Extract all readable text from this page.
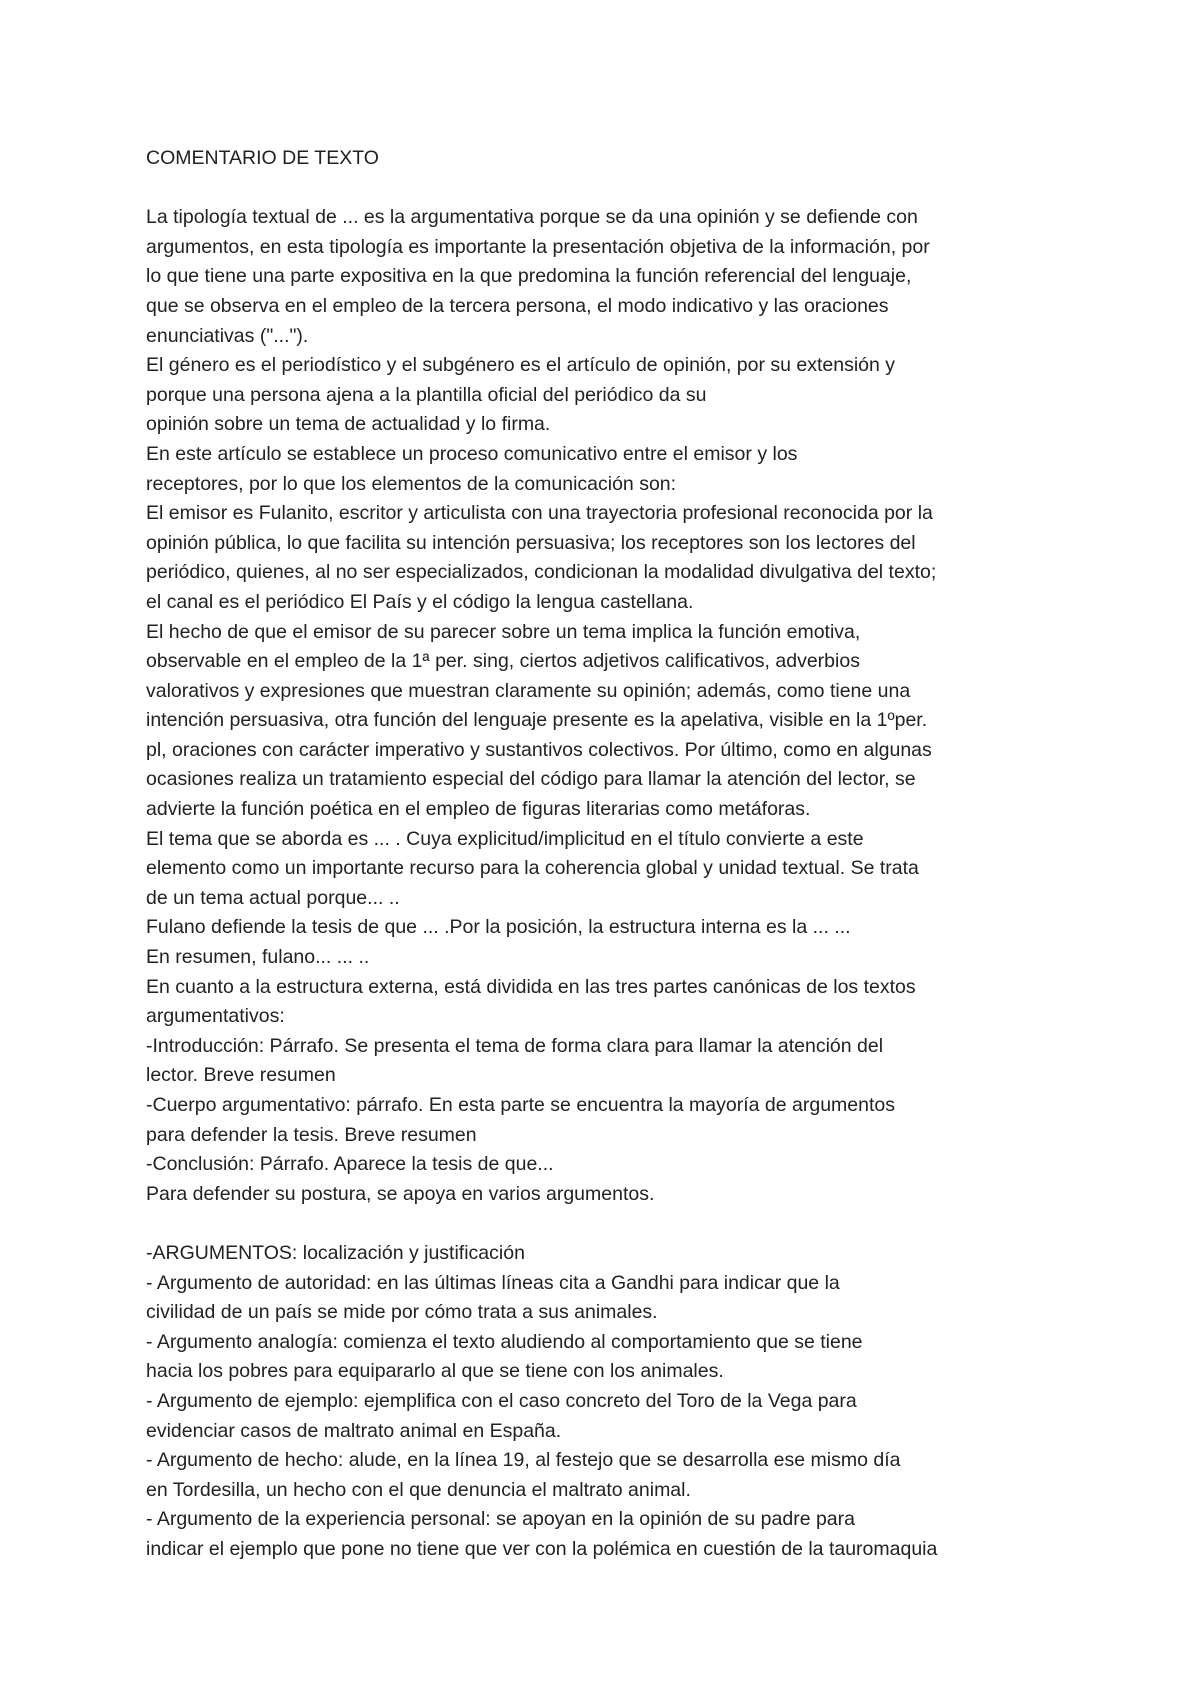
COMENTARIO DE TEXTO
La tipología textual de ... es la argumentativa porque se da una opinión y se defiende con
argumentos, en esta tipología es importante la presentación objetiva de la información, por
lo que tiene una parte expositiva en la que predomina la función referencial del lenguaje,
que se observa en el empleo de la tercera persona, el modo indicativo y las oraciones
enunciativas ("...").
El género es el periodístico y el subgénero es el artículo de opinión, por su extensión y
porque una persona ajena a la plantilla oficial del periódico da su
opinión sobre un tema de actualidad y lo firma.
En este artículo se establece un proceso comunicativo entre el emisor y los
receptores, por lo que los elementos de la comunicación son:
El emisor es Fulanito, escritor y articulista con una trayectoria profesional reconocida por la
opinión pública, lo que facilita su intención persuasiva; los receptores son los lectores del
periódico, quienes, al no ser especializados, condicionan la modalidad divulgativa del texto;
el canal es el periódico El País y el código la lengua castellana.
El hecho de que el emisor de su parecer sobre un tema implica la función emotiva,
observable en el empleo de la 1ª per. sing, ciertos adjetivos calificativos, adverbios
valorativos y expresiones que muestran claramente su opinión; además, como tiene una
intención persuasiva, otra función del lenguaje presente es la apelativa, visible en la 1ºper.
pl, oraciones con carácter imperativo y sustantivos colectivos. Por último, como en algunas
ocasiones realiza un tratamiento especial del código para llamar la atención del lector, se
advierte la función poética en el empleo de figuras literarias como metáforas.
El tema que se aborda es ... . Cuya explicitud/implicitud en el título convierte a este
elemento como un importante recurso para la coherencia global y unidad textual. Se trata
de un tema actual porque... ..
Fulano defiende la tesis de que ... .Por la posición, la estructura interna es la ... ...
En resumen, fulano... ... ..
En cuanto a la estructura externa, está dividida en las tres partes canónicas de los textos
argumentativos:
-Introducción: Párrafo. Se presenta el tema de forma clara para llamar la atención del
lector. Breve resumen
-Cuerpo argumentativo: párrafo. En esta parte se encuentra la mayoría de argumentos
para defender la tesis. Breve resumen
-Conclusión: Párrafo. Aparece la tesis de que...
Para defender su postura, se apoya en varios argumentos.
-ARGUMENTOS: localización y justificación
- Argumento de autoridad: en las últimas líneas cita a Gandhi para indicar que la
civilidad de un país se mide por cómo trata a sus animales.
- Argumento analogía: comienza el texto aludiendo al comportamiento que se tiene
hacia los pobres para equipararlo al que se tiene con los animales.
- Argumento de ejemplo: ejemplifica con el caso concreto del Toro de la Vega para
evidenciar casos de maltrato animal en España.
- Argumento de hecho: alude, en la línea 19, al festejo que se desarrolla ese mismo día
en Tordesilla, un hecho con el que denuncia el maltrato animal.
- Argumento de la experiencia personal: se apoyan en la opinión de su padre para
indicar el ejemplo que pone no tiene que ver con la polémica en cuestión de la tauromaquia
